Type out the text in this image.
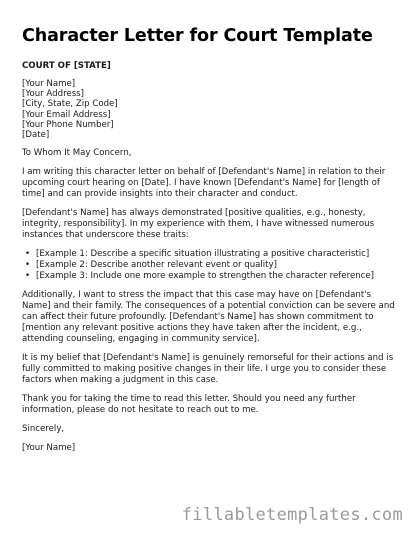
Character Letter for Court Template
COURT OF [STATE]
[Your Name]
[Your Address]
[City, State, Zip Code]
[Your Email Address]
[Your Phone Number]
[Date]

To Whom It May Concern,

I am writing this character letter on behalf of [Defendant's Name] in relation to their upcoming court hearing on [Date]. I have known [Defendant's Name] for [length of time] and can provide insights into their character and conduct.

[Defendant's Name] has always demonstrated [positive qualities, e.g., honesty, integrity, responsibility]. In my experience with them, I have witnessed numerous instances that underscore these traits:

• [Example 1: Describe a specific situation illustrating a positive characteristic]
• [Example 2: Describe another relevant event or quality]
• [Example 3: Include one more example to strengthen the character reference]

Additionally, I want to stress the impact that this case may have on [Defendant's Name] and their family. The consequences of a potential conviction can be severe and can affect their future profoundly. [Defendant's Name] has shown commitment to [mention any relevant positive actions they have taken after the incident, e.g., attending counseling, engaging in community service].

It is my belief that [Defendant's Name] is genuinely remorseful for their actions and is fully committed to making positive changes in their life. I urge you to consider these factors when making a judgment in this case.

Thank you for taking the time to read this letter. Should you need any further information, please do not hesitate to reach out to me.

Sincerely,

[Your Name]

fillabletemplates.com
